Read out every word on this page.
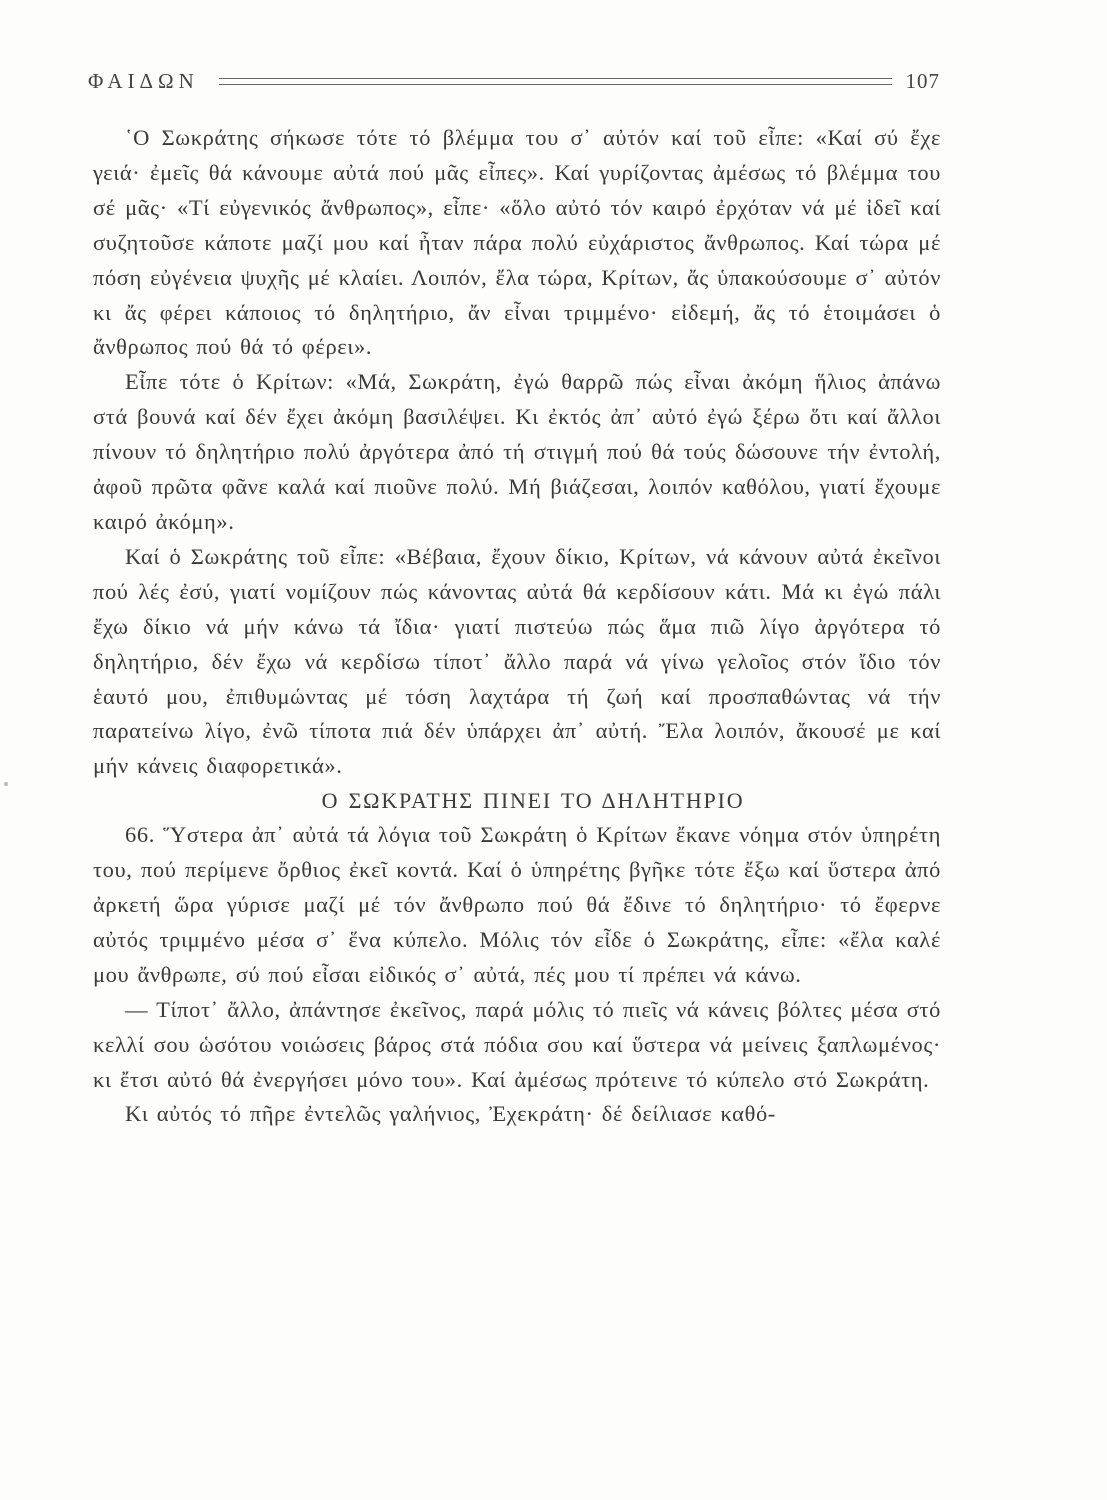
ΦΑΙΔΩΝ	107

῾Ο Σωκράτης σήκωσε τότε τό βλέμμα του σ᾽ αὐτόν καί τοῦ εἶπε: «Καί σύ ἔχε γειά· ἐμεῖς θά κάνουμε αὐτά πού μᾶς εἶπες». Καί γυρίζοντας ἀμέσως τό βλέμμα του σέ μᾶς· «Τί εὐγενικός ἄνθρωπος», εἶπε· «ὅλο αὐτό τόν καιρό ἐρχόταν νά μέ ἰδεῖ καί συζητοῦσε κάποτε μαζί μου καί ἦταν πάρα πολύ εὐχάριστος ἄνθρωπος. Καί τώρα μέ πόση εὐγένεια ψυχῆς μέ κλαίει. Λοιπόν, ἔλα τώρα, Κρίτων, ἄς ὑπακούσουμε σ᾽ αὐτόν κι ἄς φέρει κάποιος τό δηλητήριο, ἄν εἶναι τριμμένο· εἰδεμή, ἄς τό ἑτοιμάσει ὁ ἄνθρωπος πού θά τό φέρει».

Εἶπε τότε ὁ Κρίτων: «Μά, Σωκράτη, ἐγώ θαρρῶ πώς εἶναι ἀκόμη ἥλιος ἀπάνω στά βουνά καί δέν ἔχει ἀκόμη βασιλέψει. Κι ἐκτός ἀπ᾽ αὐτό ἐγώ ξέρω ὅτι καί ἄλλοι πίνουν τό δηλητήριο πολύ ἀργότερα ἀπό τή στιγμή πού θά τούς δώσουνε τήν ἐντολή, ἀφοῦ πρῶτα φᾶνε καλά καί πιοῦνε πολύ. Μή βιάζεσαι, λοιπόν καθόλου, γιατί ἔχουμε καιρό ἀκόμη».

Καί ὁ Σωκράτης τοῦ εἶπε: «Βέβαια, ἔχουν δίκιο, Κρίτων, νά κάνουν αὐτά ἐκεῖνοι πού λές ἐσύ, γιατί νομίζουν πώς κάνοντας αὐτά θά κερδίσουν κάτι. Μά κι ἐγώ πάλι ἔχω δίκιο νά μήν κάνω τά ἴδια· γιατί πιστεύω πώς ἅμα πιῶ λίγο ἀργότερα τό δηλητήριο, δέν ἔχω νά κερδίσω τίποτ᾽ ἄλλο παρά νά γίνω γελοῖος στόν ἴδιο τόν ἑαυτό μου, ἐπιθυμώντας μέ τόση λαχτάρα τή ζωή καί προσπαθώντας νά τήν παρατείνω λίγο, ἐνῶ τίποτα πιά δέν ὑπάρχει ἀπ᾽ αὐτή. Ἔλα λοιπόν, ἄκουσέ με καί μήν κάνεις διαφορετικά».

Ο ΣΩΚΡΑΤΗΣ ΠΙΝΕΙ ΤΟ ΔΗΛΗΤΗΡΙΟ

66. Ὕστερα ἀπ᾽ αὐτά τά λόγια τοῦ Σωκράτη ὁ Κρίτων ἔκανε νόημα στόν ὑπηρέτη του, πού περίμενε ὄρθιος ἐκεῖ κοντά. Καί ὁ ὑπηρέτης βγῆκε τότε ἔξω καί ὕστερα ἀπό ἀρκετή ὥρα γύρισε μαζί μέ τόν ἄνθρωπο πού θά ἔδινε τό δηλητήριο· τό ἔφερνε αὐτός τριμμένο μέσα σ᾽ ἕνα κύπελο. Μόλις τόν εἶδε ὁ Σωκράτης, εἶπε: «ἔλα καλέ μου ἄνθρωπε, σύ πού εἶσαι εἰδικός σ᾽ αὐτά, πές μου τί πρέπει νά κάνω.

— Τίποτ᾽ ἄλλο, ἀπάντησε ἐκεῖνος, παρά μόλις τό πιεῖς νά κάνεις βόλτες μέσα στό κελλί σου ὡσότου νοιώσεις βάρος στά πόδια σου καί ὕστερα νά μείνεις ξαπλωμένος· κι ἔτσι αὐτό θά ἐνεργήσει μόνο του». Καί ἀμέσως πρότεινε τό κύπελο στό Σωκράτη.

Κι αὐτός τό πῆρε ἐντελῶς γαλήνιος, Ἐχεκράτη· δέ δείλιασε καθό-
